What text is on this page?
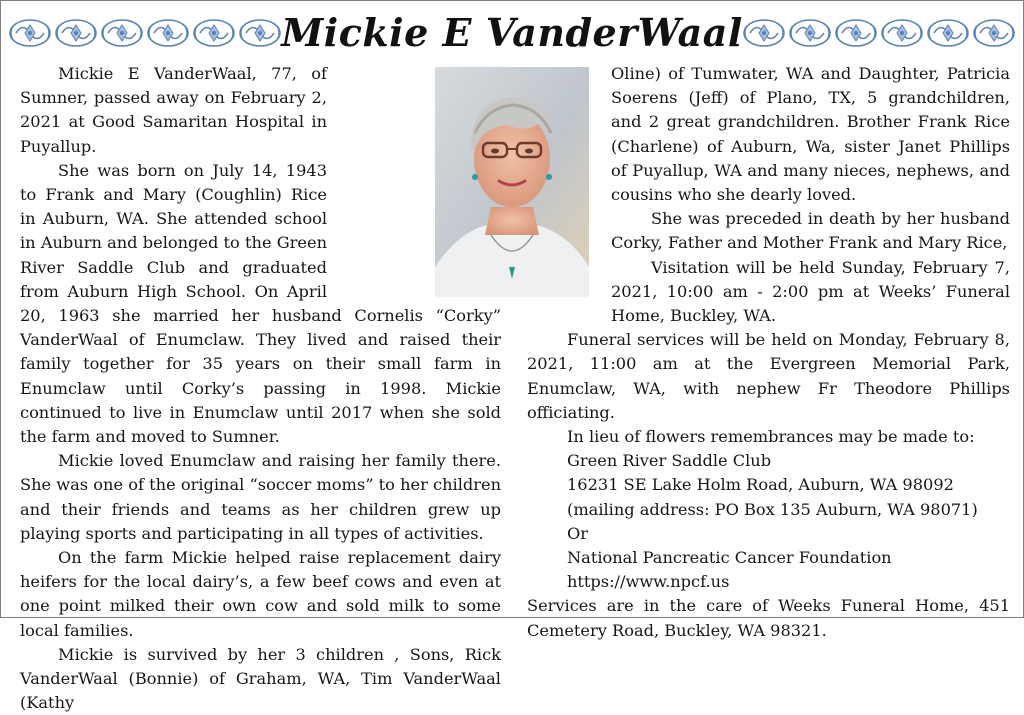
Mickie E VanderWaal

Mickie E VanderWaal, 77, of Sumner, passed away on February 2, 2021 at Good Samaritan Hospital in Puyallup.

She was born on July 14, 1943 to Frank and Mary (Coughlin) Rice in Auburn, WA. She attended school in Auburn and belonged to the Green River Saddle Club and graduated from Auburn High School. On April 20, 1963 she married her husband Cornelis “Corky” VanderWaal of Enumclaw. They lived and raised their family together for 35 years on their small farm in Enumclaw until Corky’s passing in 1998. Mickie continued to live in Enumclaw until 2017 when she sold the farm and moved to Sumner.

Mickie loved Enumclaw and raising her family there. She was one of the original “soccer moms” to her children and their friends and teams as her children grew up playing sports and participating in all types of activities.

On the farm Mickie helped raise replacement dairy heifers for the local dairy’s, a few beef cows and even at one point milked their own cow and sold milk to some local families.

Mickie is survived by her 3 children , Sons, Rick VanderWaal (Bonnie) of Graham, WA, Tim VanderWaal (Kathy

Oline) of Tumwater, WA and Daughter, Patricia Soerens (Jeff) of Plano, TX, 5 grandchildren, and 2 great grandchildren. Brother Frank Rice (Charlene) of Auburn, Wa, sister Janet Phillips of Puyallup, WA and many nieces, nephews, and cousins who she dearly loved.

She was preceded in death by her husband Corky, Father and Mother Frank and Mary Rice,

Visitation will be held Sunday, February 7, 2021, 10:00 am - 2:00 pm at Weeks’ Funeral Home, Buckley, WA.

Funeral services will be held on Monday, February 8, 2021, 11:00 am at the Evergreen Memorial Park, Enumclaw, WA, with nephew Fr Theodore Phillips officiating.

In lieu of flowers remembrances may be made to:
Green River Saddle Club
16231 SE Lake Holm Road, Auburn, WA 98092
(mailing address: PO Box 135 Auburn, WA 98071)
Or
National Pancreatic Cancer Foundation
https://www.npcf.us

Services are in the care of Weeks Funeral Home, 451 Cemetery Road, Buckley, WA 98321.
